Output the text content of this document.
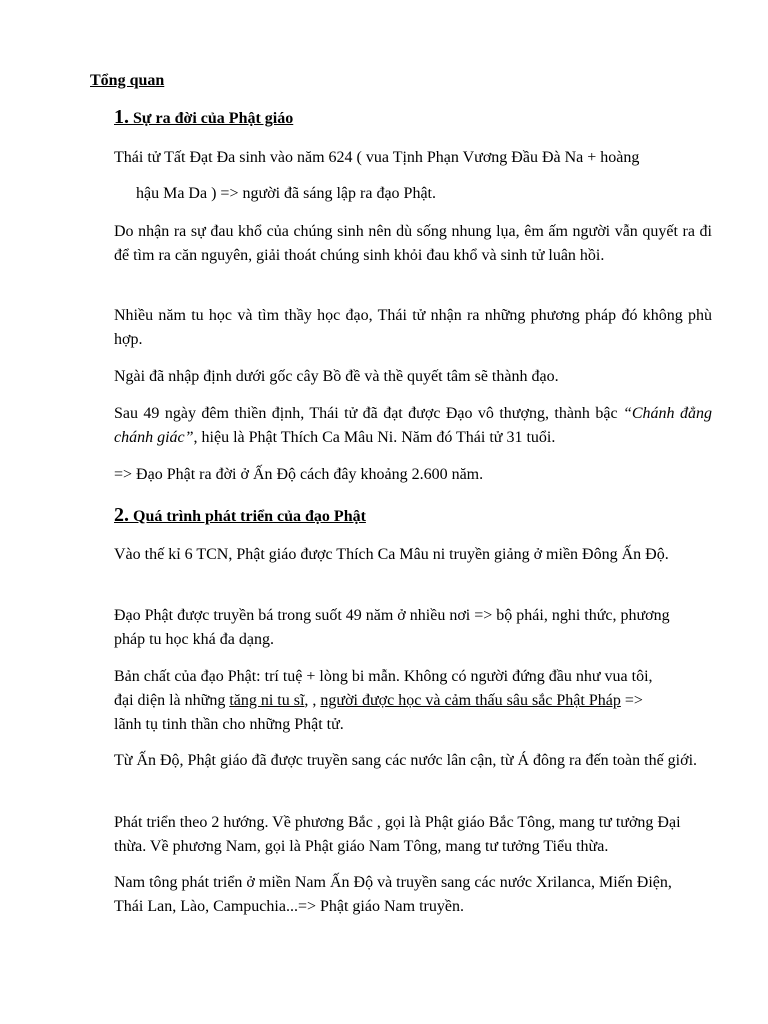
Tổng quan
1. Sự ra đời của Phật giáo
Thái tử Tất Đạt Đa sinh vào năm 624 ( vua Tịnh Phạn Vương Đầu Đà Na + hoàng
hậu Ma Da ) => người đã sáng lập ra đạo Phật.

Do nhận ra sự đau khổ của chúng sinh nên dù sống nhung lụa, êm ấm người vẫn quyết ra đi để tìm ra căn nguyên, giải thoát chúng sinh khỏi đau khổ và sinh tử luân hồi.

Nhiều năm tu học và tìm thầy học đạo, Thái tử nhận ra những phương pháp đó không phù hợp.

Ngài đã nhập định dưới gốc cây Bồ đề và thề quyết tâm sẽ thành đạo.

Sau 49 ngày đêm thiền định, Thái tử đã đạt được Đạo vô thượng, thành bậc “Chánh đẳng chánh giác”, hiệu là Phật Thích Ca Mâu Ni. Năm đó Thái tử 31 tuổi.

=> Đạo Phật ra đời ở Ấn Độ cách đây khoảng 2.600 năm.

2. Quá trình phát triển của đạo Phật

Vào thế kỉ 6 TCN, Phật giáo được Thích Ca Mâu ni truyền giảng ở miền Đông Ấn Độ.

Đạo Phật được truyền bá trong suốt 49 năm ở nhiều nơi => bộ phái, nghi thức, phương pháp tu học khá đa dạng.

Bản chất của đạo Phật: trí tuệ + lòng bi mẫn. Không có người đứng đầu như vua tôi,
đại diện là những tăng ni tu sĩ, , người được học và cảm thấu sâu sắc Phật Pháp =>
lãnh tụ tinh thần cho những Phật tử.

Từ Ấn Độ, Phật giáo đã được truyền sang các nước lân cận, từ Á đông ra đến toàn thế giới.

Phát triển theo 2 hướng. Về phương Bắc , gọi là Phật giáo Bắc Tông, mang tư tưởng Đại thừa. Về phương Nam, gọi là Phật giáo Nam Tông, mang tư tưởng Tiểu thừa.

Nam tông phát triển ở miền Nam Ấn Độ và truyền sang các nước Xrilanca, Miến Điện, Thái Lan, Lào, Campuchia...=> Phật giáo Nam truyền.
